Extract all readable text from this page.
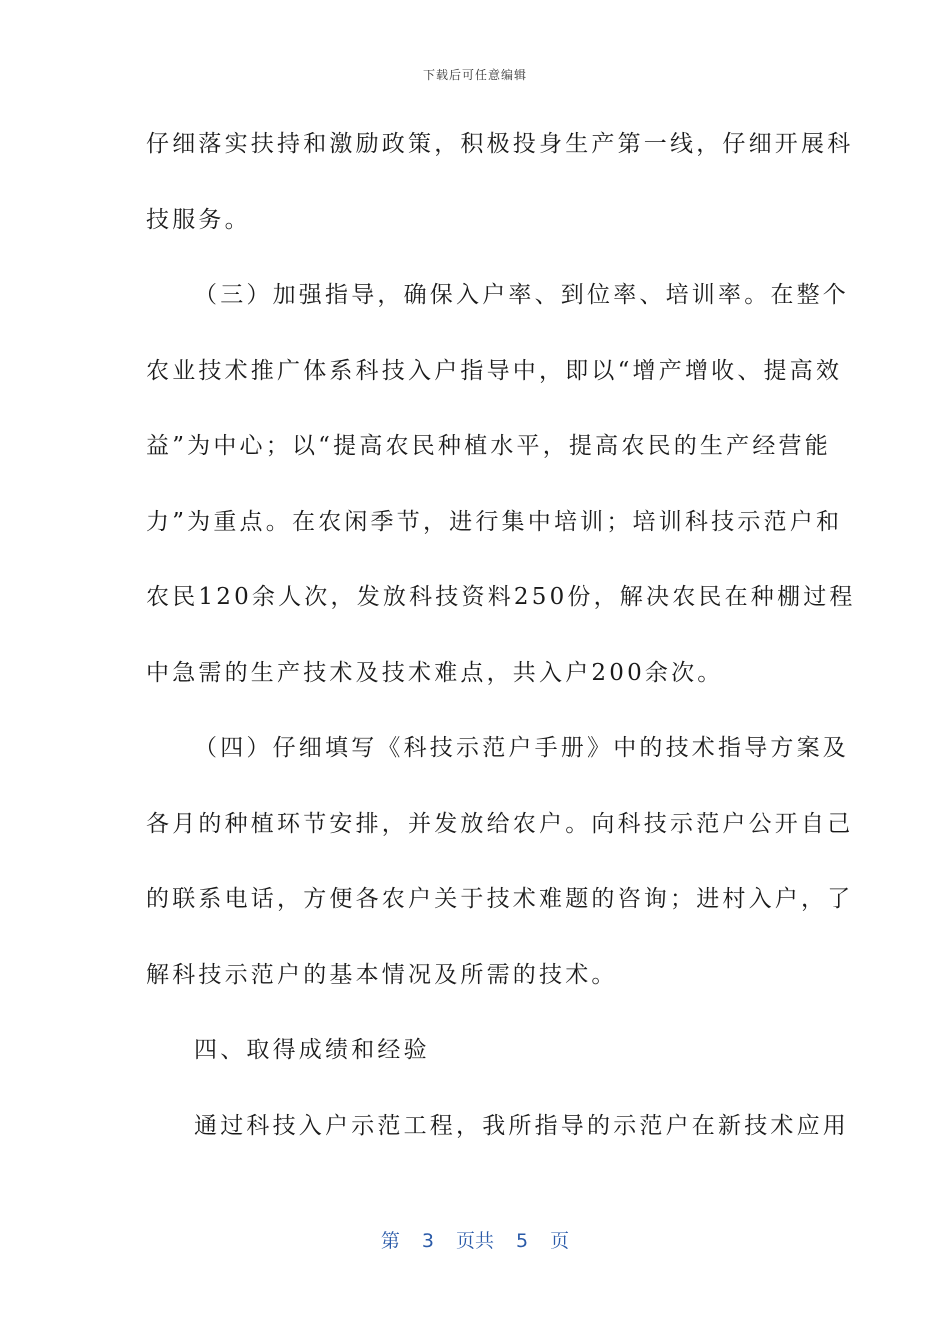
下载后可任意编辑
仔细落实扶持和激励政策，积极投身生产第一线，仔细开展科
技服务。
（三）加强指导，确保入户率、到位率、培训率。在整个
农业技术推广体系科技入户指导中，即以“增产增收、提高效
益”为中心；以“提高农民种植水平，提高农民的生产经营能
力”为重点。在农闲季节，进行集中培训；培训科技示范户和
农民120余人次，发放科技资料250份，解决农民在种棚过程
中急需的生产技术及技术难点，共入户200余次。
（四）仔细填写《科技示范户手册》中的技术指导方案及
各月的种植环节安排，并发放给农户。向科技示范户公开自己
的联系电话，方便各农户关于技术难题的咨询；进村入户，了
解科技示范户的基本情况及所需的技术。
四、取得成绩和经验
通过科技入户示范工程，我所指导的示范户在新技术应用
第 3 页共 5 页
